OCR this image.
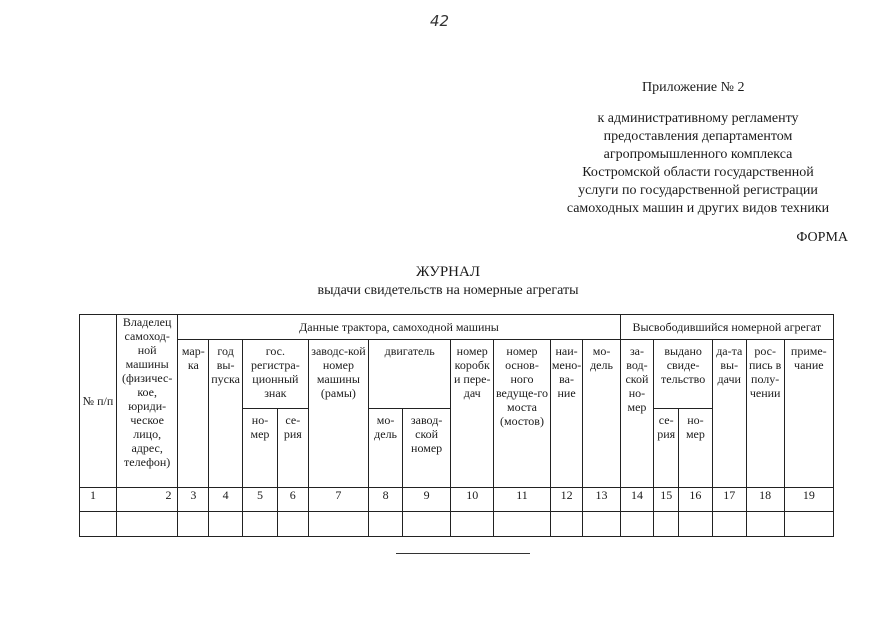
42
Приложение № 2
к административному регламенту
предоставления департаментом
агропромышленного комплекса
Костромской области государственной
услуги по государственной регистрации
самоходных машин и других видов техники
ФОРМА
ЖУРНАЛ
выдачи свидетельств на номерные агрегаты
№ п/п	Владелец самоход-ной машины (физичес-кое, юриди-ческое лицо, адрес, телефон)	Данные трактора, самоходной машины											Высвободившийся номерной агрегат					
		мар-ка	год вы-пуска	гос. регистра-ционный знак		заводс-кой номер машины (рамы)	двигатель		номер коробки пере-дач	номер основ-ного ведуще-го моста (мостов)	наи-мено-ва-ние	мо-дель	за-вод-ской но-мер	выдано свиде-тельство		да-та вы-дачи	рос-пись в полу-чении	приме-чание
				но-мер	се-рия		мо-дель	завод-ской номер						се-рия	но-мер			
1	2	3	4	5	6	7	8	9	10	11	12	13	14	15	16	17	18	19
